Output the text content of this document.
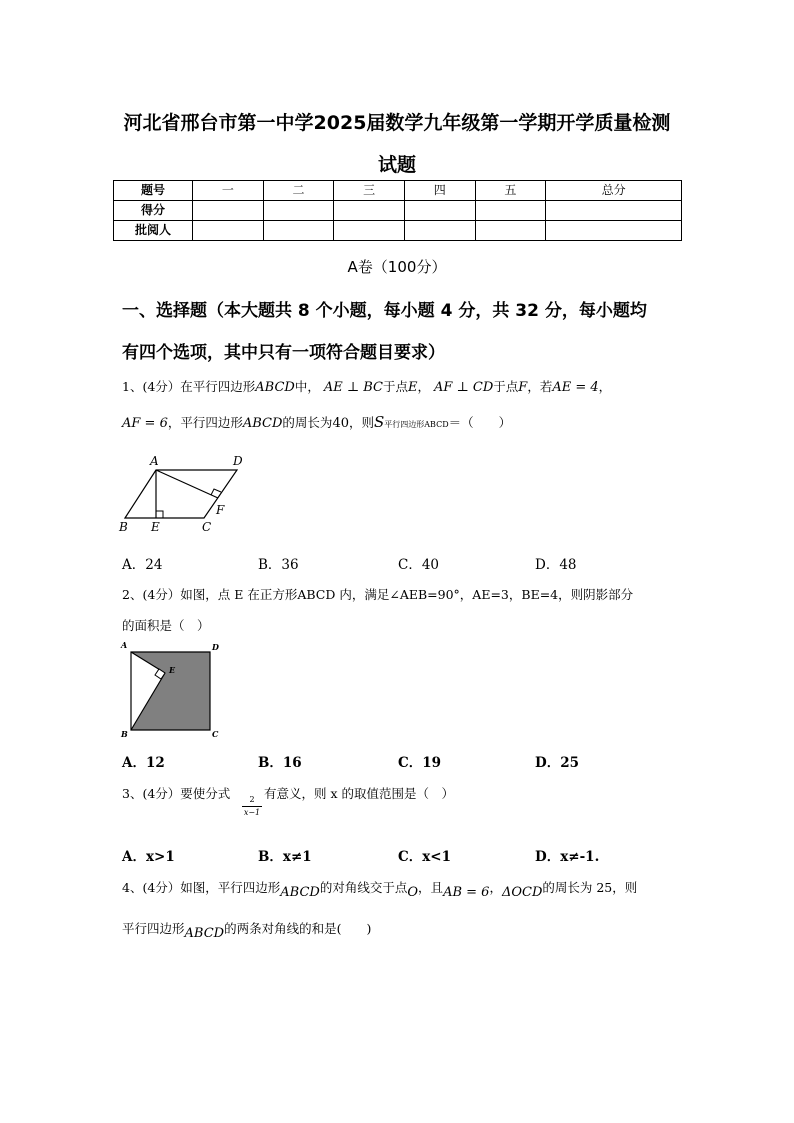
河北省邢台市第一中学2025届数学九年级第一学期开学质量检测
试题
题号	一	二	三	四	五	总分
得分						
批阅人						
A卷（100分）
一、选择题（本大题共 8 个小题，每小题 4 分，共 32 分，每小题均
有四个选项，其中只有一项符合题目要求）
1、(4分）在平行四边形ABCD中， AE ⊥ BC于点E， AF ⊥ CD于点F，若AE = 4，
AF = 6，平行四边形ABCD的周长为40，则S平行四边形ABCD＝（　　）
A	D
B E	C
F
A．24	B．36	C．40	D．48
2、(4分）如图，点 E 在正方形ABCD 内，满足∠AEB=90°，AE=3，BE=4，则阴影部分
的面积是（　）
A	D
E
B	C
A．12	B．16	C．19	D．25
3、(4分）要使分式	2
x−1
有意义，则 x 的取值范围是（　）
A．x>1	B．x≠1	C．x<1	D．x≠-1.
4、(4分）如图，平行四边形ABCD的对角线交于点O，且AB = 6，ΔOCD的周长为 25，则
平行四边形ABCD的两条对角线的和是(　　)
